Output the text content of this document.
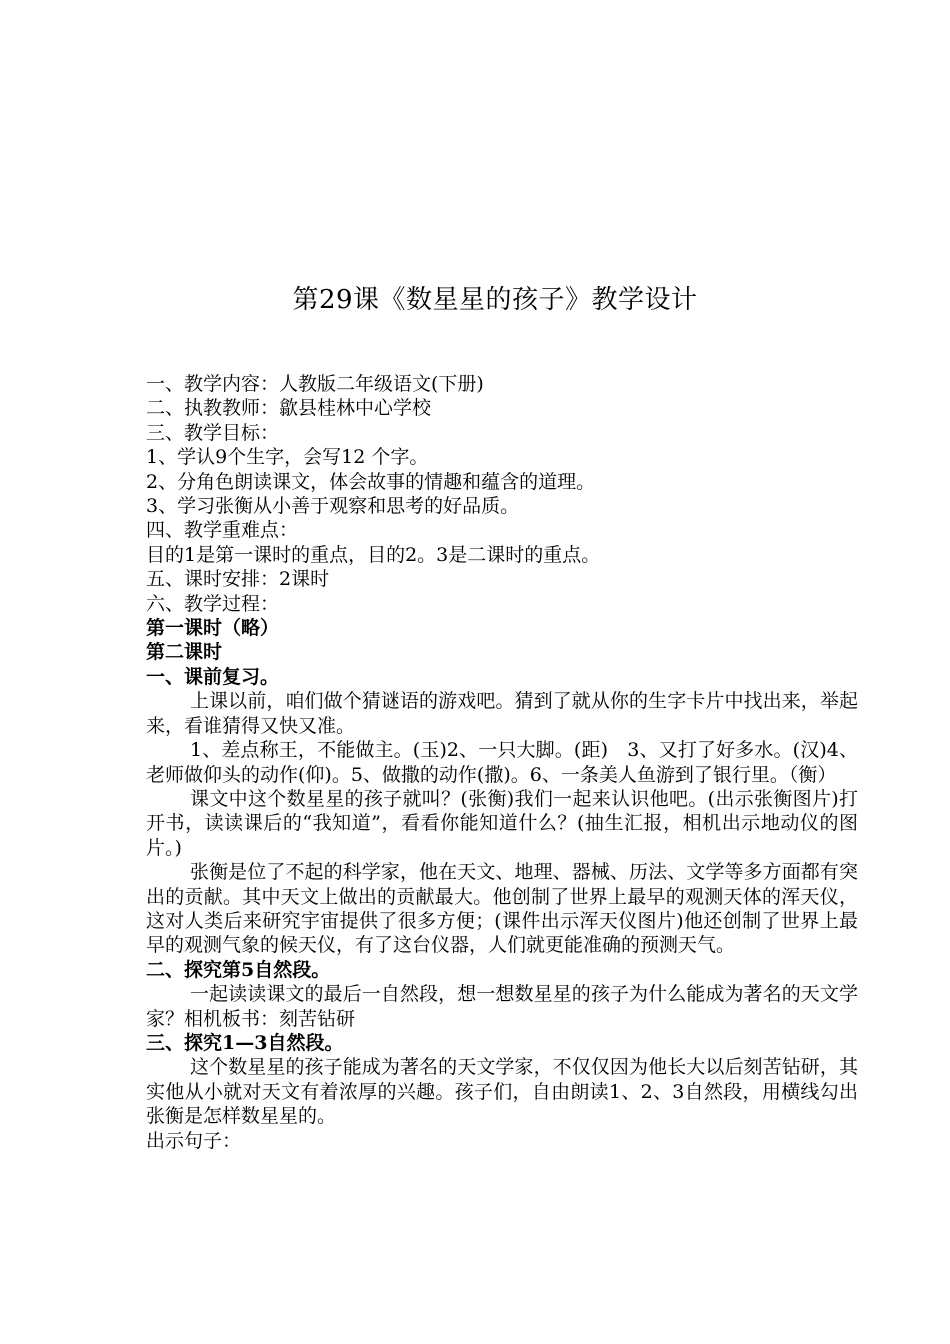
第29课《数星星的孩子》教学设计

一、教学内容：人教版二年级语文(下册)

二、执教教师：歙县桂林中心学校

三、教学目标：

1、学认9个生字，会写12 个字。

2、分角色朗读课文，体会故事的情趣和蕴含的道理。

3、学习张衡从小善于观察和思考的好品质。

四、教学重难点：

目的1是第一课时的重点，目的2。3是二课时的重点。

五、课时安排：2课时

六、教学过程：

第一课时（略）

第二课时

一、课前复习。

上课以前，咱们做个猜谜语的游戏吧。猜到了就从你的生字卡片中找出来，举起来，看谁猜得又快又准。

1、差点称王，不能做主。(玉)2、一只大脚。(距)　3、又打了好多水。(汉)4、老师做仰头的动作(仰)。5、做撒的动作(撒)。6、一条美人鱼游到了银行里。（衡）

课文中这个数星星的孩子就叫？(张衡)我们一起来认识他吧。(出示张衡图片)打开书，读读课后的“我知道”，看看你能知道什么？(抽生汇报，相机出示地动仪的图片。)

张衡是位了不起的科学家，他在天文、地理、器械、历法、文学等多方面都有突出的贡献。其中天文上做出的贡献最大。他创制了世界上最早的观测天体的浑天仪，这对人类后来研究宇宙提供了很多方便；(课件出示浑天仪图片)他还创制了世界上最早的观测气象的候天仪，有了这台仪器，人们就更能准确的预测天气。

二、探究第5自然段。

一起读读课文的最后一自然段，想一想数星星的孩子为什么能成为著名的天文学家？相机板书：刻苦钻研

三、探究1—3自然段。

这个数星星的孩子能成为著名的天文学家，不仅仅因为他长大以后刻苦钻研，其实他从小就对天文有着浓厚的兴趣。孩子们，自由朗读1、2、3自然段，用横线勾出张衡是怎样数星星的。

出示句子：
